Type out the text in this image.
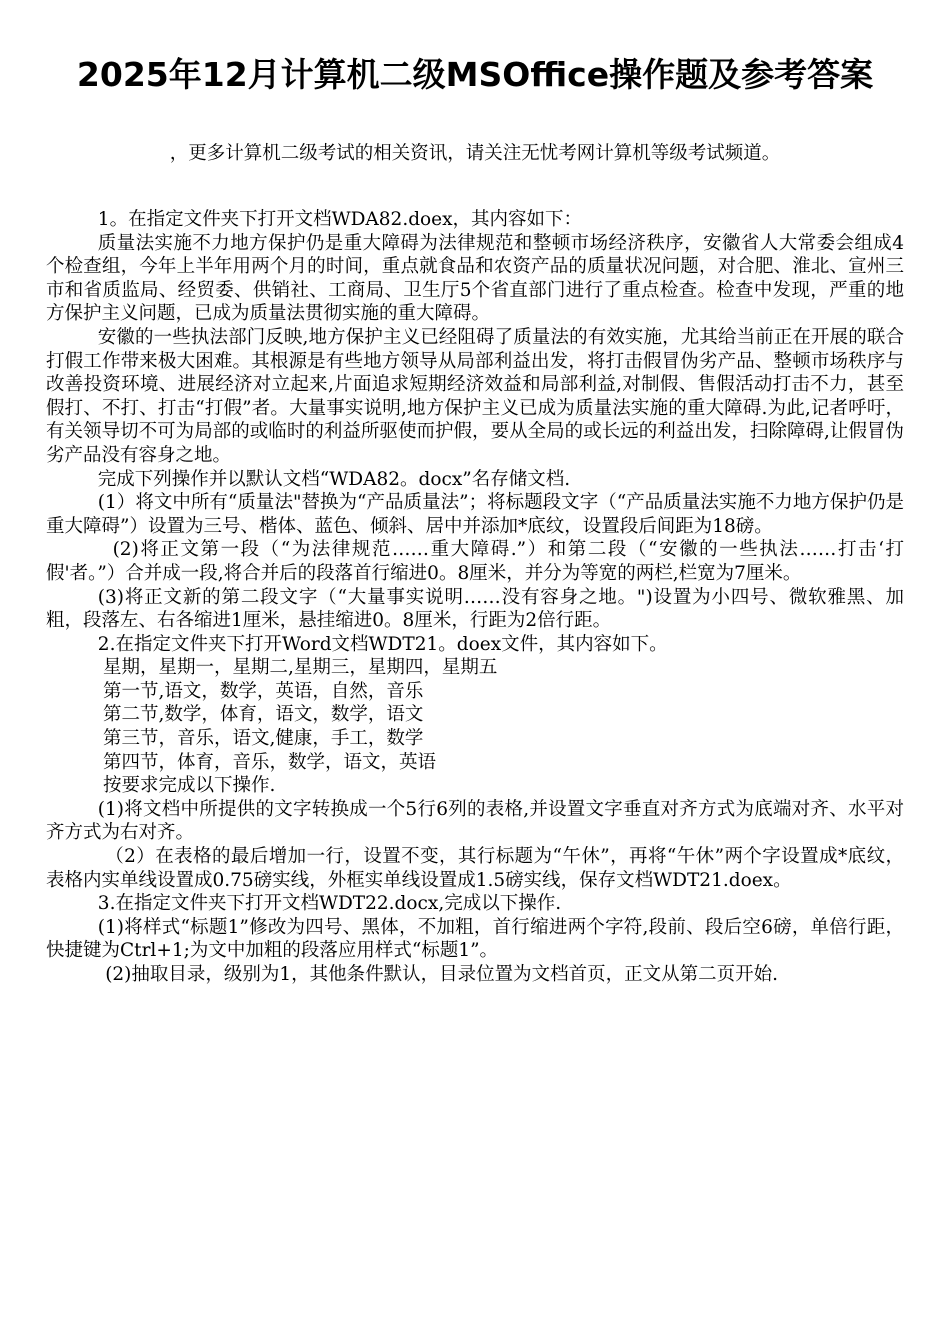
2025年12月计算机二级MSOffice操作题及参考答案

，更多计算机二级考试的相关资讯，请关注无忧考网计算机等级考试频道。

1。在指定文件夹下打开文档WDA82.doex，其内容如下：

质量法实施不力地方保护仍是重大障碍为法律规范和整顿市场经济秩序，安徽省人大常委会组成4个检查组，今年上半年用两个月的时间，重点就食品和农资产品的质量状况问题，对合肥、淮北、宣州三市和省质监局、经贸委、供销社、工商局、卫生厅5个省直部门进行了重点检查。检查中发现，严重的地方保护主义问题，已成为质量法贯彻实施的重大障碍。

安徽的一些执法部门反映,地方保护主义已经阻碍了质量法的有效实施，尤其给当前正在开展的联合打假工作带来极大困难。其根源是有些地方领导从局部利益出发，将打击假冒伪劣产品、整顿市场秩序与改善投资环境、进展经济对立起来,片面追求短期经济效益和局部利益,对制假、售假活动打击不力，甚至假打、不打、打击“打假”者。大量事实说明,地方保护主义已成为质量法实施的重大障碍.为此,记者呼吁，有关领导切不可为局部的或临时的利益所驱使而护假，要从全局的或长远的利益出发，扫除障碍,让假冒伪劣产品没有容身之地。

完成下列操作并以默认文档“WDA82。docx”名存储文档.

(1）将文中所有“质量法"替换为“产品质量法”；将标题段文字（“产品质量法实施不力地方保护仍是重大障碍”）设置为三号、楷体、蓝色、倾斜、居中并添加*底纹，设置段后间距为18磅。

(2)将正文第一段（“为法律规范……重大障碍.”）和第二段（“安徽的一些执法……打击‘打假'者。”）合并成一段,将合并后的段落首行缩进0。8厘米，并分为等宽的两栏,栏宽为7厘米。

(3)将正文新的第二段文字（“大量事实说明……没有容身之地。")设置为小四号、微软雅黑、加粗，段落左、右各缩进1厘米，悬挂缩进0。8厘米，行距为2倍行距。

2.在指定文件夹下打开Word文档WDT21。doex文件，其内容如下。

星期，星期一，星期二,星期三，星期四，星期五
第一节,语文，数学，英语，自然，音乐
第二节,数学，体育，语文，数学，语文
第三节，音乐，语文,健康，手工，数学
第四节，体育，音乐，数学，语文，英语
按要求完成以下操作.

(1)将文档中所提供的文字转换成一个5行6列的表格,并设置文字垂直对齐方式为底端对齐、水平对齐方式为右对齐。

（2）在表格的最后增加一行，设置不变，其行标题为“午休”，再将“午休”两个字设置成*底纹，表格内实单线设置成0.75磅实线，外框实单线设置成1.5磅实线，保存文档WDT21.doex。

3.在指定文件夹下打开文档WDT22.docx,完成以下操作.

(1)将样式“标题1”修改为四号、黑体，不加粗，首行缩进两个字符,段前、段后空6磅，单倍行距，快捷键为Ctrl+1;为文中加粗的段落应用样式“标题1”。

(2)抽取目录，级别为1，其他条件默认，目录位置为文档首页，正文从第二页开始.
